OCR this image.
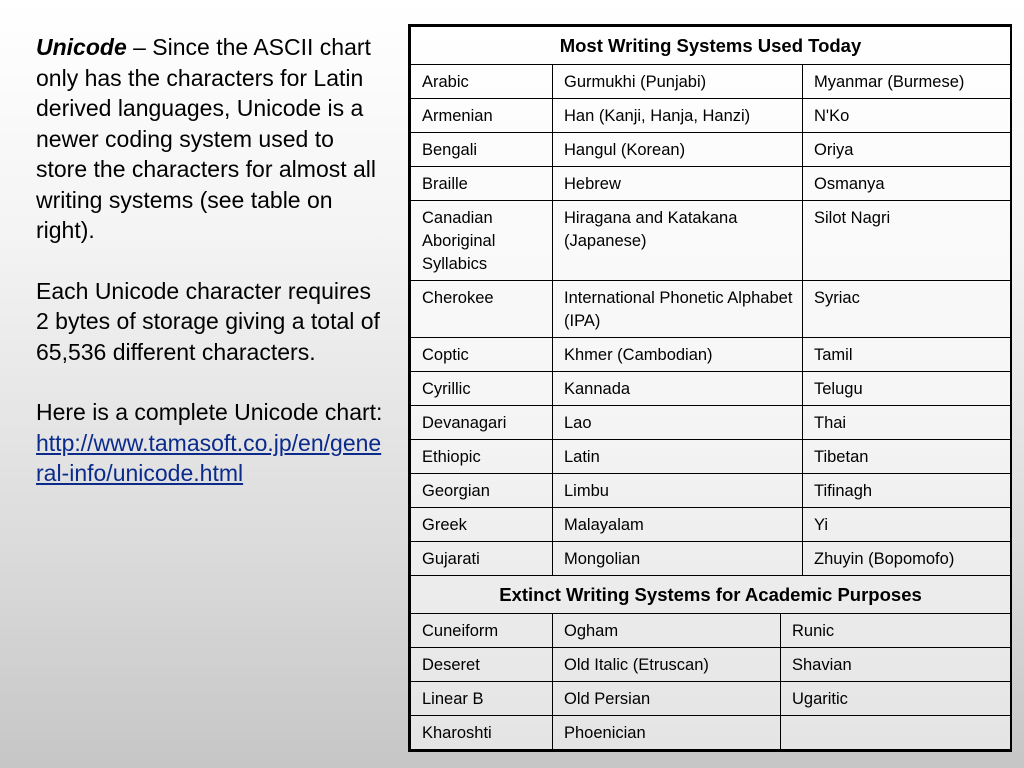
Unicode – Since the ASCII chart only has the characters for Latin derived languages, Unicode is a newer coding system used to store the characters for almost all writing systems (see table on right).

Each Unicode character requires 2 bytes of storage giving a total of 65,536 different characters.

Here is a complete Unicode chart:
http://www.tamasoft.co.jp/en/general-info/unicode.html

Most Writing Systems Used Today		
Arabic	Gurmukhi (Punjabi)	Myanmar (Burmese)
Armenian	Han (Kanji, Hanja, Hanzi)	N'Ko
Bengali	Hangul (Korean)	Oriya
Braille	Hebrew	Osmanya
Canadian Aboriginal Syllabics	Hiragana and Katakana (Japanese)	Silot Nagri
Cherokee	International Phonetic Alphabet (IPA)	Syriac
Coptic	Khmer (Cambodian)	Tamil
Cyrillic	Kannada	Telugu
Devanagari	Lao	Thai
Ethiopic	Latin	Tibetan
Georgian	Limbu	Tifinagh
Greek	Malayalam	Yi
Gujarati	Mongolian	Zhuyin (Bopomofo)
Extinct Writing Systems for Academic Purposes		
Cuneiform	Ogham	Runic
Deseret	Old Italic (Etruscan)	Shavian
Linear B	Old Persian	Ugaritic
Kharoshti	Phoenician	
